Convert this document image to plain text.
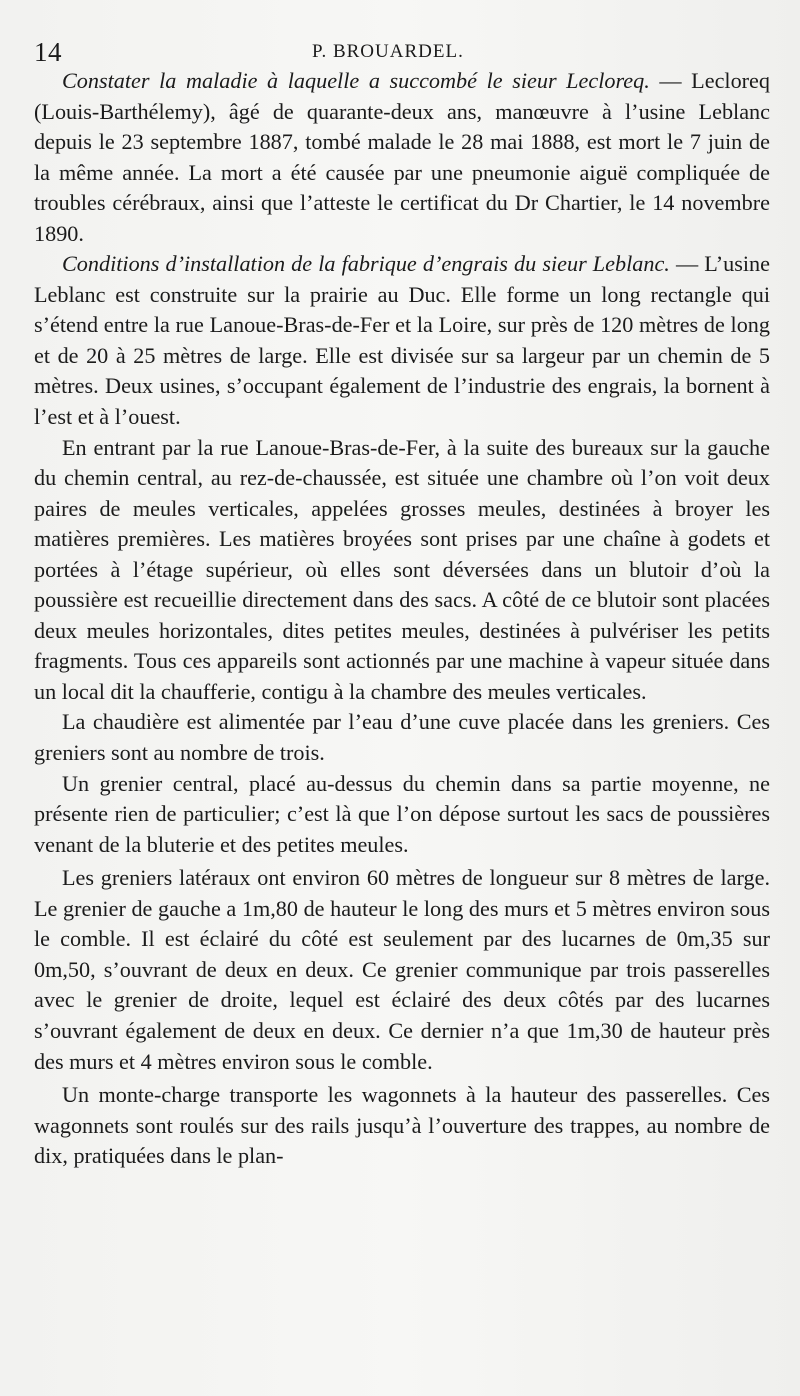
14	P. BROUARDEL.

Constater la maladie à laquelle a succombé le sieur Lecloreq. — Lecloreq (Louis-Barthélemy), âgé de quarante-deux ans, manœuvre à l’usine Leblanc depuis le 23 septembre 1887, tombé malade le 28 mai 1888, est mort le 7 juin de la même année. La mort a été causée par une pneumonie aiguë compliquée de troubles cérébraux, ainsi que l’atteste le certificat du Dr Chartier, le 14 novembre 1890.

Conditions d’installation de la fabrique d’engrais du sieur Leblanc. — L’usine Leblanc est construite sur la prairie au Duc. Elle forme un long rectangle qui s’étend entre la rue Lanoue-Bras-de-Fer et la Loire, sur près de 120 mètres de long et de 20 à 25 mètres de large. Elle est divisée sur sa largeur par un chemin de 5 mètres. Deux usines, s’occupant également de l’industrie des engrais, la bornent à l’est et à l’ouest.

En entrant par la rue Lanoue-Bras-de-Fer, à la suite des bureaux sur la gauche du chemin central, au rez-de-chaussée, est située une chambre où l’on voit deux paires de meules verticales, appelées grosses meules, destinées à broyer les matières premières. Les matières broyées sont prises par une chaîne à godets et portées à l’étage supérieur, où elles sont déversées dans un blutoir d’où la poussière est recueillie directement dans des sacs. A côté de ce blutoir sont placées deux meules horizontales, dites petites meules, destinées à pulvériser les petits fragments. Tous ces appareils sont actionnés par une machine à vapeur située dans un local dit la chaufferie, contigu à la chambre des meules verticales.

La chaudière est alimentée par l’eau d’une cuve placée dans les greniers. Ces greniers sont au nombre de trois.

Un grenier central, placé au-dessus du chemin dans sa partie moyenne, ne présente rien de particulier; c’est là que l’on dépose surtout les sacs de poussières venant de la bluterie et des petites meules.

Les greniers latéraux ont environ 60 mètres de longueur sur 8 mètres de large. Le grenier de gauche a 1m,80 de hauteur le long des murs et 5 mètres environ sous le comble. Il est éclairé du côté est seulement par des lucarnes de 0m,35 sur 0m,50, s’ouvrant de deux en deux. Ce grenier communique par trois passerelles avec le grenier de droite, lequel est éclairé des deux côtés par des lucarnes s’ouvrant également de deux en deux. Ce dernier n’a que 1m,30 de hauteur près des murs et 4 mètres environ sous le comble.

Un monte-charge transporte les wagonnets à la hauteur des passerelles. Ces wagonnets sont roulés sur des rails jusqu’à l’ouverture des trappes, au nombre de dix, pratiquées dans le plan-
